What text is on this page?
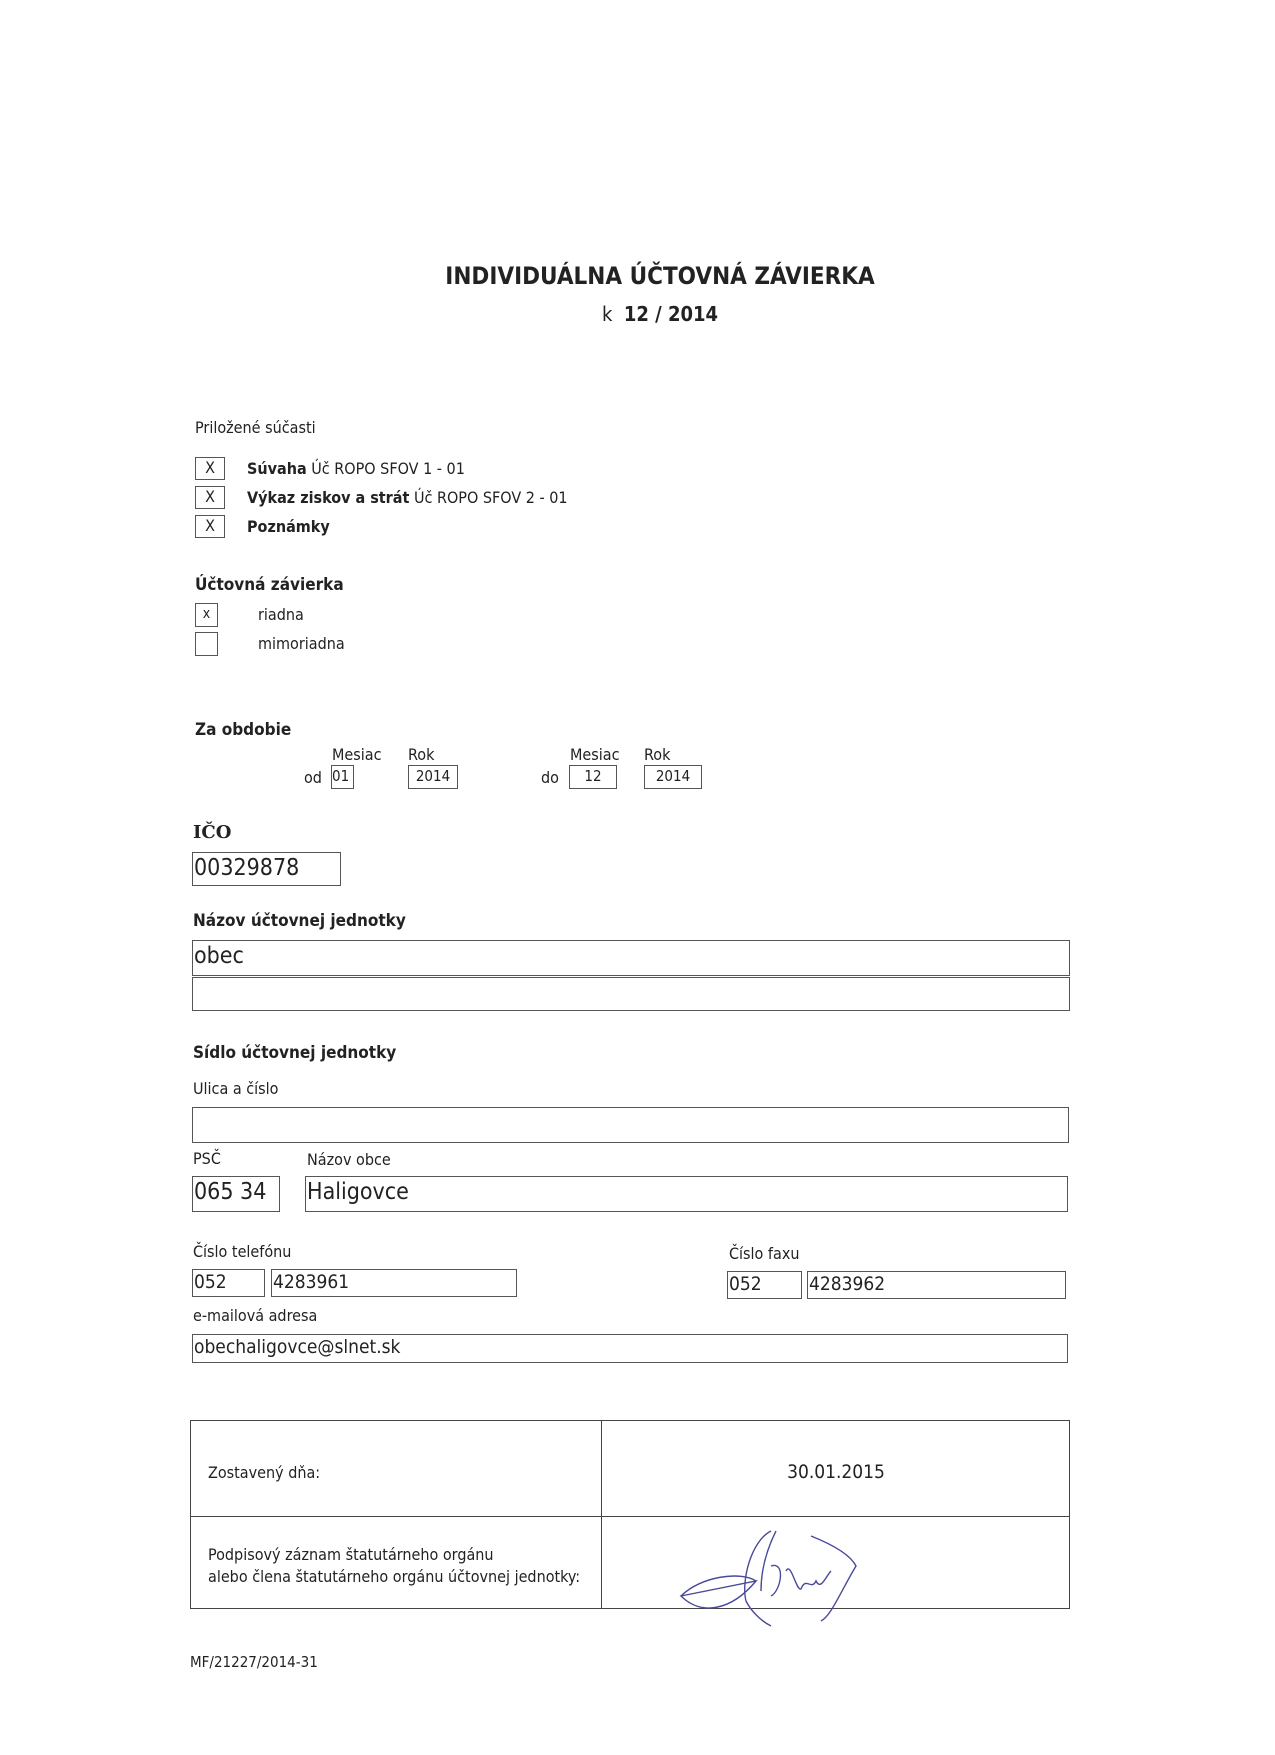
INDIVIDUÁLNA ÚČTOVNÁ ZÁVIERKA
k 12 / 2014
Priložené súčasti
X	Súvaha Úč ROPO SFOV 1 - 01
X	Výkaz ziskov a strát Úč ROPO SFOV 2 - 01
X	Poznámky
Účtovná závierka
x	riadna
mimoriadna
Za obdobie
Mesiac Rok	Mesiac Rok
od 01	2014	do	12	2014
IČO
00329878
Názov účtovnej jednotky
obec
Sídlo účtovnej jednotky
Ulica a číslo
PSČ	Názov obce
065 34	Haligovce
Číslo telefónu	Číslo faxu
052	4283961	052	4283962
e-mailová adresa
obechaligovce@slnet.sk
Zostavený dňa:	30.01.2015
Podpisový záznam štatutárneho orgánu
alebo člena štatutárneho orgánu účtovnej jednotky:
MF/21227/2014-31
